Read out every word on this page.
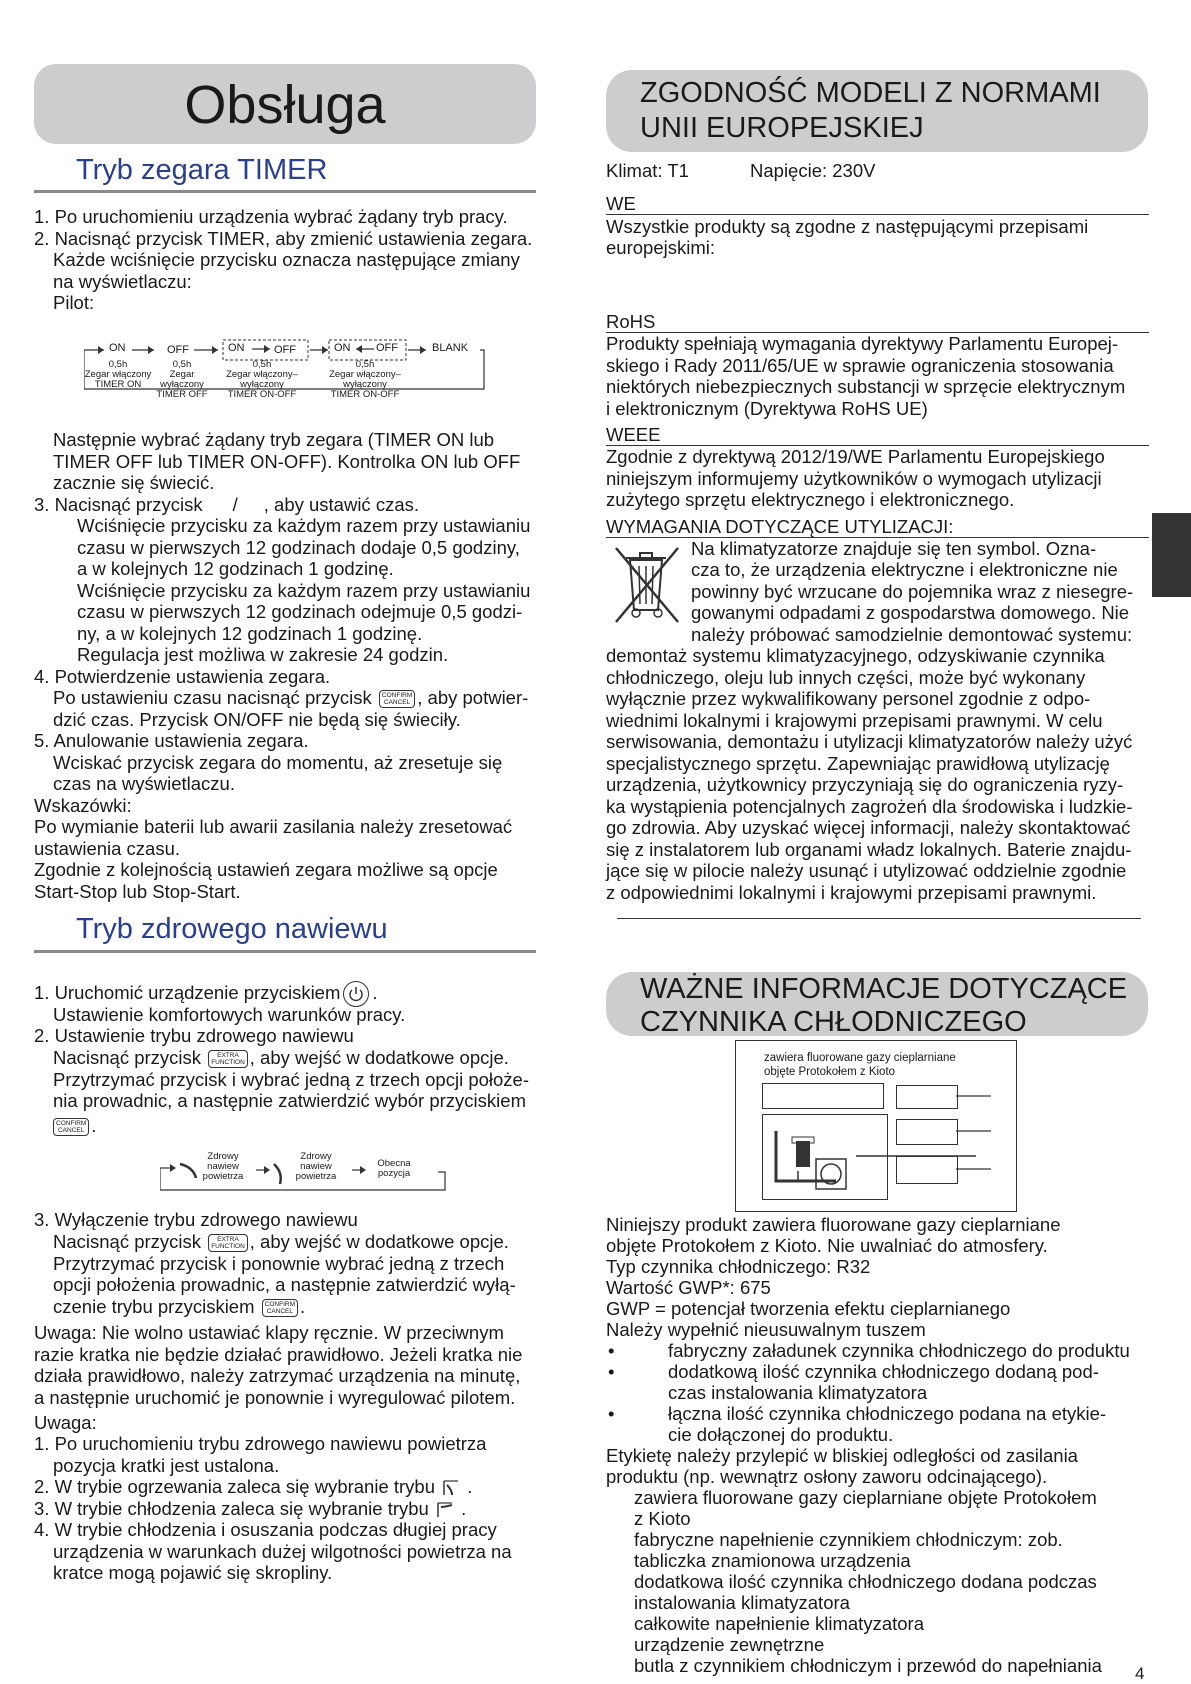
Obsługa
Tryb zegara TIMER
1. Po uruchomieniu urządzenia wybrać żądany tryb pracy.
2. Nacisnąć przycisk TIMER, aby zmienić ustawienia zegara.
Każde wciśnięcie przycisku oznacza następujące zmiany
na wyświetlaczu:
Pilot:
ON	OFF	ON	OFF	ON OFF	BLANK
0,5h
Zegar włączony
TIMER ON
0,5h
Zegar wyłączony
TIMER OFF
0,5h
Zegar włączony–wyłączony
TIMER ON-OFF
0,5h
Zegar włączony–wyłączony
TIMER ON-OFF
Następnie wybrać żądany tryb zegara (TIMER ON lub
TIMER OFF lub TIMER ON-OFF). Kontrolka ON lub OFF
zacznie się świecić.
3. Nacisnąć przycisk / , aby ustawić czas.
Wciśnięcie przycisku za każdym razem przy ustawianiu
czasu w pierwszych 12 godzinach dodaje 0,5 godziny,
a w kolejnych 12 godzinach 1 godzinę.
Wciśnięcie przycisku za każdym razem przy ustawianiu
czasu w pierwszych 12 godzinach odejmuje 0,5 godzi-
ny, a w kolejnych 12 godzinach 1 godzinę.
Regulacja jest możliwa w zakresie 24 godzin.
4. Potwierdzenie ustawienia zegara.
Po ustawieniu czasu nacisnąć przycisk CONFIRM
CANCEL , aby potwier-
dzić czas. Przycisk ON/OFF nie będą się świeciły.
5. Anulowanie ustawienia zegara.
Wciskać przycisk zegara do momentu, aż zresetuje się
czas na wyświetlaczu.
Wskazówki:
Po wymianie baterii lub awarii zasilania należy zresetować
ustawienia czasu.
Zgodnie z kolejnością ustawień zegara możliwe są opcje
Start-Stop lub Stop-Start.
Tryb zdrowego nawiewu
1. Uruchomić urządzenie przyciskiem .
Ustawienie komfortowych warunków pracy.
2. Ustawienie trybu zdrowego nawiewu
Nacisnąć przycisk EXTRA
FUNCTION , aby wejść w dodatkowe opcje.
Przytrzymać przycisk i wybrać jedną z trzech opcji położe-
nia prowadnic, a następnie zatwierdzić wybór przyciskiem
CONFIRM
CANCEL .
Zdrowy nawiew powietrza
Zdrowy nawiew powietrza
Obecna pozycja
3. Wyłączenie trybu zdrowego nawiewu
Nacisnąć przycisk EXTRA
FUNCTION , aby wejść w dodatkowe opcje.
Przytrzymać przycisk i ponownie wybrać jedną z trzech
opcji położenia prowadnic, a następnie zatwierdzić wyłą-
czenie trybu przyciskiem CONFIRM
CANCEL .
Uwaga: Nie wolno ustawiać klapy ręcznie. W przeciwnym
razie kratka nie będzie działać prawidłowo. Jeżeli kratka nie
działa prawidłowo, należy zatrzymać urządzenia na minutę,
a następnie uruchomić je ponownie i wyregulować pilotem.
Uwaga:
1. Po uruchomieniu trybu zdrowego nawiewu powietrza
pozycja kratki jest ustalona.
2. W trybie ogrzewania zaleca się wybranie trybu .
3. W trybie chłodzenia zaleca się wybranie trybu .
4. W trybie chłodzenia i osuszania podczas długiej pracy
urządzenia w warunkach dużej wilgotności powietrza na
kratce mogą pojawić się skropliny.
ZGODNOŚĆ MODELI Z NORMAMI
UNII EUROPEJSKIEJ
Klimat: T1	Napięcie: 230V
WE
Wszystkie produkty są zgodne z następującymi przepisami
europejskimi:
RoHS
Produkty spełniają wymagania dyrektywy Parlamentu Europej-
skiego i Rady 2011/65/UE w sprawie ograniczenia stosowania
niektórych niebezpiecznych substancji w sprzęcie elektrycznym
i elektronicznym (Dyrektywa RoHS UE)
WEEE
Zgodnie z dyrektywą 2012/19/WE Parlamentu Europejskiego
niniejszym informujemy użytkowników o wymogach utylizacji
zużytego sprzętu elektrycznego i elektronicznego.
WYMAGANIA DOTYCZĄCE UTYLIZACJI:
Na klimatyzatorze znajduje się ten symbol. Ozna-
cza to, że urządzenia elektryczne i elektroniczne nie
powinny być wrzucane do pojemnika wraz z niesegre-
gowanymi odpadami z gospodarstwa domowego. Nie
należy próbować samodzielnie demontować systemu:
demontaż systemu klimatyzacyjnego, odzyskiwanie czynnika
chłodniczego, oleju lub innych części, może być wykonany
wyłącznie przez wykwalifikowany personel zgodnie z odpo-
wiednimi lokalnymi i krajowymi przepisami prawnymi. W celu
serwisowania, demontażu i utylizacji klimatyzatorów należy użyć
specjalistycznego sprzętu. Zapewniając prawidłową utylizację
urządzenia, użytkownicy przyczyniają się do ograniczenia ryzy-
ka wystąpienia potencjalnych zagrożeń dla środowiska i ludzkie-
go zdrowia. Aby uzyskać więcej informacji, należy skontaktować
się z instalatorem lub organami władz lokalnych. Baterie znajdu-
jące się w pilocie należy usunąć i utylizować oddzielnie zgodnie
z odpowiednimi lokalnymi i krajowymi przepisami prawnymi.
WAŻNE INFORMACJE DOTYCZĄCE
CZYNNIKA CHŁODNICZEGO
zawiera fluorowane gazy cieplarniane
objęte Protokołem z Kioto
Niniejszy produkt zawiera fluorowane gazy cieplarniane
objęte Protokołem z Kioto. Nie uwalniać do atmosfery.
Typ czynnika chłodniczego: R32
Wartość GWP*: 675
GWP = potencjał tworzenia efektu cieplarnianego
Należy wypełnić nieusuwalnym tuszem
•	fabryczny załadunek czynnika chłodniczego do produktu
•	dodatkową ilość czynnika chłodniczego dodaną pod-
czas instalowania klimatyzatora
•	łączna ilość czynnika chłodniczego podana na etykie-
cie dołączonej do produktu.
Etykietę należy przylepić w bliskiej odległości od zasilania
produktu (np. wewnątrz osłony zaworu odcinającego).
zawiera fluorowane gazy cieplarniane objęte Protokołem
z Kioto
fabryczne napełnienie czynnikiem chłodniczym: zob.
tabliczka znamionowa urządzenia
dodatkowa ilość czynnika chłodniczego dodana podczas
instalowania klimatyzatora
całkowite napełnienie klimatyzatora
urządzenie zewnętrzne
butla z czynnikiem chłodniczym i przewód do napełniania 4
